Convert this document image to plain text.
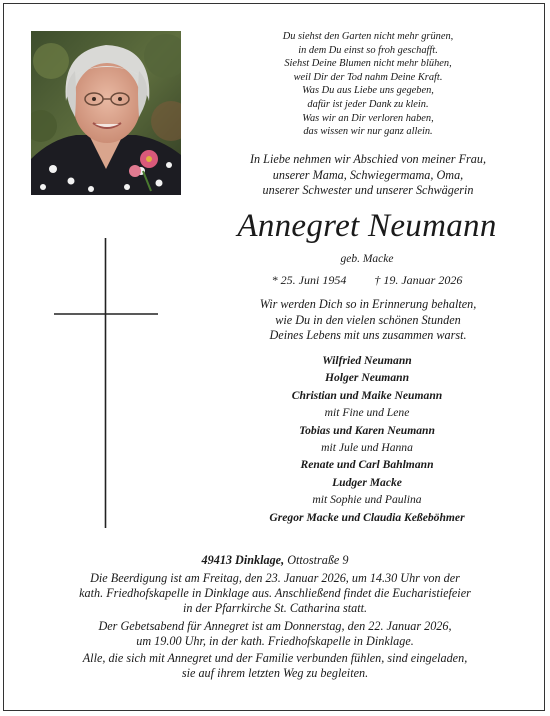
Du siehst den Garten nicht mehr grünen,
in dem Du einst so froh geschafft.
Siehst Deine Blumen nicht mehr blühen,
weil Dir der Tod nahm Deine Kraft.
Was Du aus Liebe uns gegeben,
dafür ist jeder Dank zu klein.
Was wir an Dir verloren haben,
das wissen wir nur ganz allein.
In Liebe nehmen wir Abschied von meiner Frau,
unserer Mama, Schwiegermama, Oma,
unserer Schwester und unserer Schwägerin
Annegret Neumann
geb. Macke
* 25. Juni 1954 † 19. Januar 2026
Wir werden Dich so in Erinnerung behalten,
wie Du in den vielen schönen Stunden
Deines Lebens mit uns zusammen warst.
Wilfried Neumann
Holger Neumann
Christian und Maike Neumann
mit Fine und Lene
Tobias und Karen Neumann
mit Jule und Hanna
Renate und Carl Bahlmann
Ludger Macke
mit Sophie und Paulina
Gregor Macke und Claudia Keßeböhmer
49413 Dinklage, Ottostraße 9

Die Beerdigung ist am Freitag, den 23. Januar 2026, um 14.30 Uhr von der
kath. Friedhofskapelle in Dinklage aus. Anschließend findet die Eucharistiefeier
in der Pfarrkirche St. Catharina statt.

Der Gebetsabend für Annegret ist am Donnerstag, den 22. Januar 2026,
um 19.00 Uhr, in der kath. Friedhofskapelle in Dinklage.

Alle, die sich mit Annegret und der Familie verbunden fühlen, sind eingeladen,
sie auf ihrem letzten Weg zu begleiten.
